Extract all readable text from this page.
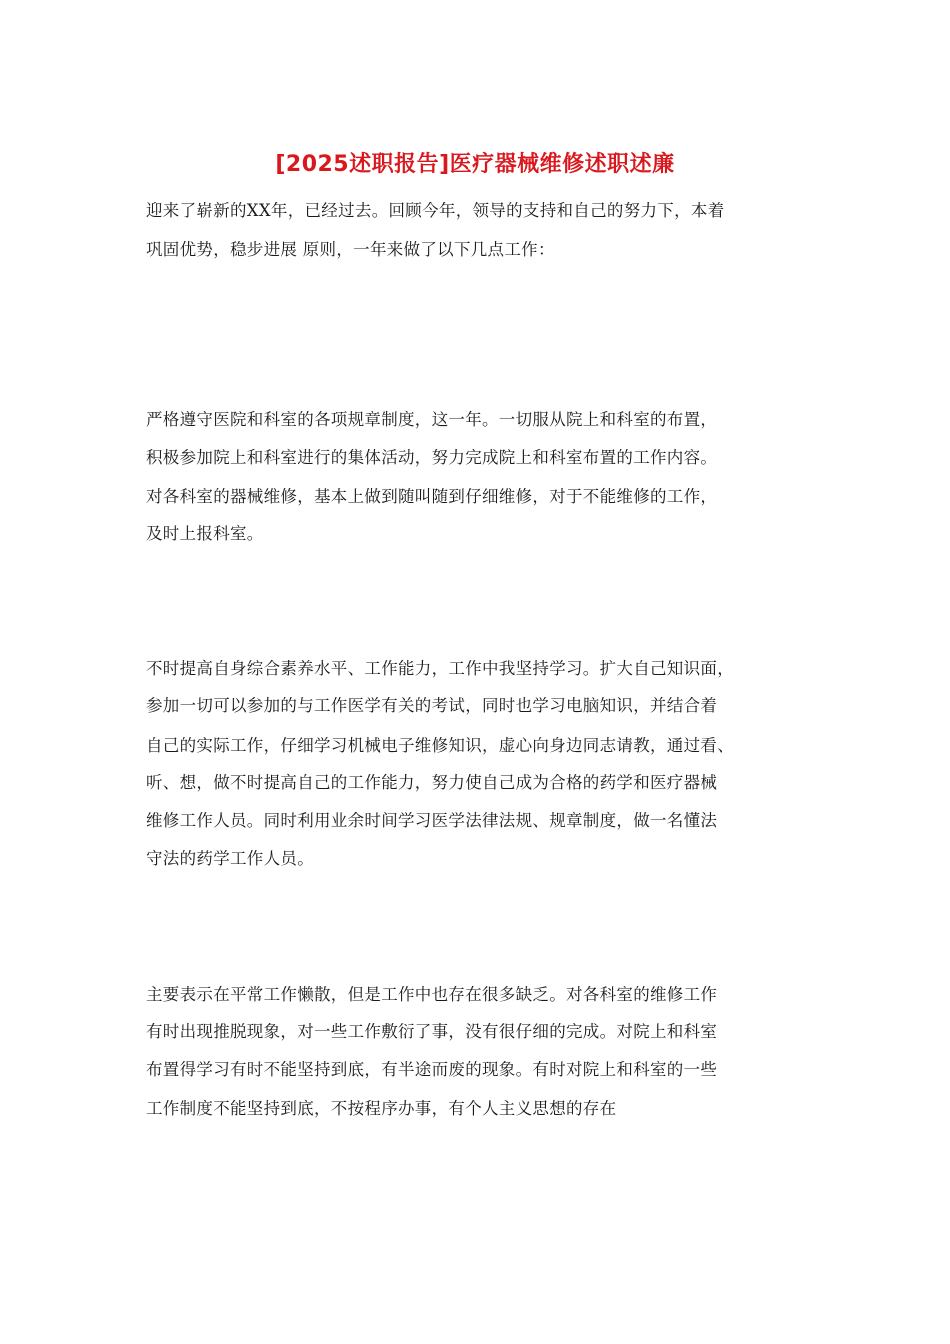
[2025述职报告]医疗器械维修述职述廉
迎来了崭新的XX年，已经过去。回顾今年，领导的支持和自己的努力下，本着
巩固优势，稳步进展 原则，一年来做了以下几点工作：
严格遵守医院和科室的各项规章制度，这一年。一切服从院上和科室的布置，
积极参加院上和科室进行的集体活动，努力完成院上和科室布置的工作内容。
对各科室的器械维修，基本上做到随叫随到仔细维修，对于不能维修的工作，
及时上报科室。
不时提高自身综合素养水平、工作能力，工作中我坚持学习。扩大自己知识面，
参加一切可以参加的与工作医学有关的考试，同时也学习电脑知识，并结合着
自己的实际工作，仔细学习机械电子维修知识，虚心向身边同志请教，通过看、
听、想，做不时提高自己的工作能力，努力使自己成为合格的药学和医疗器械
维修工作人员。同时利用业余时间学习医学法律法规、规章制度，做一名懂法
守法的药学工作人员。
主要表示在平常工作懒散，但是工作中也存在很多缺乏。对各科室的维修工作
有时出现推脱现象，对一些工作敷衍了事，没有很仔细的完成。对院上和科室
布置得学习有时不能坚持到底，有半途而废的现象。有时对院上和科室的一些
工作制度不能坚持到底，不按程序办事，有个人主义思想的存在
